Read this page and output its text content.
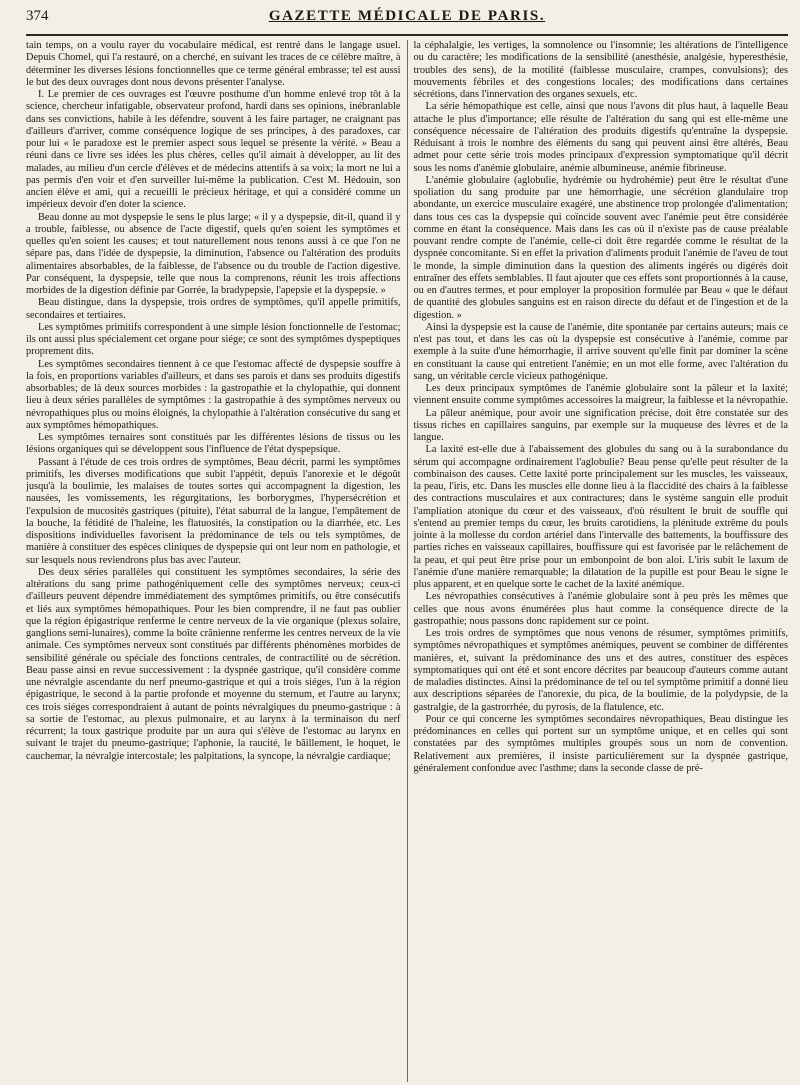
374	GAZETTE MÉDICALE DE PARIS.

tain temps, on a voulu rayer du vocabulaire médical, est rentré dans le langage usuel. Depuis Chomel, qui l'a restauré, on a cherché, en suivant les traces de ce célèbre maître, à déterminer les diverses lésions fonctionnelles que ce terme général embrasse; tel est aussi le but des deux ouvrages dont nous devons présenter l'analyse.

I. Le premier de ces ouvrages est l'œuvre posthume d'un homme enlevé trop tôt à la science, chercheur infatigable, observateur profond, hardi dans ses opinions, inébranlable dans ses convictions, habile à les défendre, souvent à les faire partager, ne craignant pas d'ailleurs d'arriver, comme conséquence logique de ses principes, à des paradoxes, car pour lui « le paradoxe est le premier aspect sous lequel se présente la vérité. » Beau a réuni dans ce livre ses idées les plus chères, celles qu'il aimait à développer, au lit des malades, au milieu d'un cercle d'élèves et de médecins attentifs à sa voix; la mort ne lui a pas permis d'en voir et d'en surveiller lui-même la publication. C'est M. Hédouin, son ancien élève et ami, qui a recueilli le précieux héritage, et qui a considéré comme un impérieux devoir d'en doter la science.

Beau donne au mot dyspepsie le sens le plus large; « il y a dyspepsie, dit-il, quand il y a trouble, faiblesse, ou absence de l'acte digestif, quels qu'en soient les symptômes et quelles qu'en soient les causes; et tout naturellement nous tenons aussi à ce que l'on ne sépare pas, dans l'idée de dyspepsie, la diminution, l'absence ou l'altération des produits alimentaires absorbables, de la faiblesse, de l'absence ou du trouble de l'action digestive. Par conséquent, la dyspepsie, telle que nous la comprenons, réunit les trois affections morbides de la digestion définie par Gorrée, la bradypepsie, l'apepsie et la dyspepsie. »

Beau distingue, dans la dyspepsie, trois ordres de symptômes, qu'il appelle primitifs, secondaires et tertiaires.

Les symptômes primitifs correspondent à une simple lésion fonctionnelle de l'estomac; ils ont aussi plus spécialement cet organe pour siége; ce sont des symptômes dyspeptiques proprement dits.

Les symptômes secondaires tiennent à ce que l'estomac affecté de dyspepsie souffre à la fois, en proportions variables d'ailleurs, et dans ses parois et dans ses produits digestifs absorbables; de là deux sources morbides : la gastropathie et la chylopathie, qui donnent lieu à deux séries parallèles de symptômes : la gastropathie à des symptômes nerveux ou névropathiques plus ou moins éloignés, la chylopathie à l'altération consécutive du sang et aux symptômes hémopathiques.

Les symptômes ternaires sont constitués par les différentes lésions de tissus ou les lésions organiques qui se développent sous l'influence de l'état dyspepsique.

Passant à l'étude de ces trois ordres de symptômes, Beau décrit, parmi les symptômes primitifs, les diverses modifications que subit l'appétit, depuis l'anorexie et le dégoût jusqu'à la boulimie, les malaises de toutes sortes qui accompagnent la digestion, les nausées, les vomissements, les régurgitations, les borborygmes, l'hypersécrétion et l'expulsion de mucosités gastriques (pituite), l'état saburral de la langue, l'empâtement de la bouche, la fétidité de l'haleine, les flatuosités, la constipation ou la diarrhée, etc. Les dispositions individuelles favorisent la prédominance de tels ou tels symptômes, de manière à constituer des espèces cliniques de dyspepsie qui ont leur nom en pathologie, et sur lesquels nous reviendrons plus bas avec l'auteur.

Des deux séries parallèles qui constituent les symptômes secondaires, la série des altérations du sang prime pathogéniquement celle des symptômes nerveux; ceux-ci d'ailleurs peuvent dépendre immédiatement des symptômes primitifs, ou être consécutifs et liés aux symptômes hémopathiques. Pour les bien comprendre, il ne faut pas oublier que la région épigastrique renferme le centre nerveux de la vie organique (plexus solaire, ganglions semi-lunaires), comme la boîte crânienne renferme les centres nerveux de la vie animale. Ces symptômes nerveux sont constitués par différents phénomènes morbides de sensibilité générale ou spéciale des fonctions centrales, de contractilité ou de sécrétion. Beau passe ainsi en revue successivement : la dyspnée gastrique, qu'il considère comme une névralgie ascendante du nerf pneumo-gastrique et qui a trois siéges, l'un à la région épigastrique, le second à la partie profonde et moyenne du sternum, et l'autre au larynx; ces trois siéges correspondraient à autant de points névralgiques du pneumo-gastrique : à sa sortie de l'estomac, au plexus pulmonaire, et au larynx à la terminaison du nerf récurrent; la toux gastrique produite par un aura qui s'élève de l'estomac au larynx en suivant le trajet du pneumo-gastrique; l'aphonie, la raucité, le bâillement, le hoquet, le cauchemar, la névralgie intercostale; les palpitations, la syncope, la névralgie cardiaque;

la céphalalgie, les vertiges, la somnolence ou l'insomnie; les altérations de l'intelligence ou du caractère; les modifications de la sensibilité (anesthésie, analgésie, hyperesthésie, troubles des sens), de la motilité (faiblesse musculaire, crampes, convulsions); des mouvements fébriles et des congestions locales; des modifications dans certaines sécrétions, dans l'innervation des organes sexuels, etc.

La série hémopathique est celle, ainsi que nous l'avons dit plus haut, à laquelle Beau attache le plus d'importance; elle résulte de l'altération du sang qui est elle-même une conséquence nécessaire de l'altération des produits digestifs qu'entraîne la dyspepsie. Réduisant à trois le nombre des éléments du sang qui peuvent ainsi être altérés, Beau admet pour cette série trois modes principaux d'expression symptomatique qu'il décrit sous les noms d'anémie globulaire, anémie albumineuse, anémie fibrineuse.

L'anémie globulaire (aglobulie, hydrémie ou hydrohémie) peut être le résultat d'une spoliation du sang produite par une hémorrhagie, une sécrétion glandulaire trop abondante, un exercice musculaire exagéré, une abstinence trop prolongée d'alimentation; dans tous ces cas la dyspepsie qui coïncide souvent avec l'anémie peut être considérée comme en étant la conséquence. Mais dans les cas où il n'existe pas de cause préalable pouvant rendre compte de l'anémie, celle-ci doit être regardée comme le résultat de la dyspnée concomitante. Si en effet la privation d'aliments produit l'anémie de l'aveu de tout le monde, la simple diminution dans la question des aliments ingérés ou digérés doit entraîner des effets semblables. Il faut ajouter que ces effets sont proportionnés à la cause, ou en d'autres termes, et pour employer la proposition formulée par Beau « que le défaut de quantité des globules sanguins est en raison directe du défaut et de l'ingestion et de la digestion. »

Ainsi la dyspepsie est la cause de l'anémie, dite spontanée par certains auteurs; mais ce n'est pas tout, et dans les cas où la dyspepsie est consécutive à l'anémie, comme par exemple à la suite d'une hémorrhagie, il arrive souvent qu'elle finit par dominer la scène en constituant la cause qui entretient l'anémie; en un mot elle forme, avec l'altération du sang, un véritable cercle vicieux pathogénique.

Les deux principaux symptômes de l'anémie globulaire sont la pâleur et la laxité; viennent ensuite comme symptômes accessoires la maigreur, la faiblesse et la névropathie.

La pâleur anémique, pour avoir une signification précise, doit être constatée sur des tissus riches en capillaires sanguins, par exemple sur la muqueuse des lèvres et de la langue.

La laxité est-elle due à l'abaissement des globules du sang ou à la surabondance du sérum qui accompagne ordinairement l'aglobulie? Beau pense qu'elle peut résulter de la combinaison des causes. Cette laxité porte principalement sur les muscles, les vaisseaux, la peau, l'iris, etc. Dans les muscles elle donne lieu à la flaccidité des chairs à la faiblesse des contractions musculaires et aux contractures; dans le système sanguin elle produit l'ampliation atonique du cœur et des vaisseaux, d'où résultent le bruit de souffle qui s'entend au premier temps du cœur, les bruits carotidiens, la plénitude extrême du pouls jointe à la mollesse du cordon artériel dans l'intervalle des battements, la bouffissure des parties riches en vaisseaux capillaires, bouffissure qui est favorisée par le relâchement de la peau, et qui peut être prise pour un embonpoint de bon aloi. L'iris subit le laxum de l'anémie d'une manière remarquable; la dilatation de la pupille est pour Beau le signe le plus apparent, et en quelque sorte le cachet de la laxité anémique.

Les névropathies consécutives à l'anémie globulaire sont à peu près les mêmes que celles que nous avons énumérées plus haut comme la conséquence directe de la gastropathie; nous passons donc rapidement sur ce point.

Les trois ordres de symptômes que nous venons de résumer, symptômes primitifs, symptômes névropathiques et symptômes anémiques, peuvent se combiner de différentes manières, et, suivant la prédominance des uns et des autres, constituer des espèces symptomatiques qui ont été et sont encore décrites par beaucoup d'auteurs comme autant de maladies distinctes. Ainsi la prédominance de tel ou tel symptôme primitif a donné lieu aux descriptions séparées de l'anorexie, du pica, de la boulimie, de la polydypsie, de la gastralgie, de la gastrorrhée, du pyrosis, de la flatulence, etc.

Pour ce qui concerne les symptômes secondaires névropathiques, Beau distingue les prédominances en celles qui portent sur un symptôme unique, et en celles qui sont constatées par des symptômes multiples groupés sous un nom de convention. Relativement aux premières, il insiste particulièrement sur la dyspnée gastrique, généralement confondue avec l'asthme; dans la seconde classe de pré-
